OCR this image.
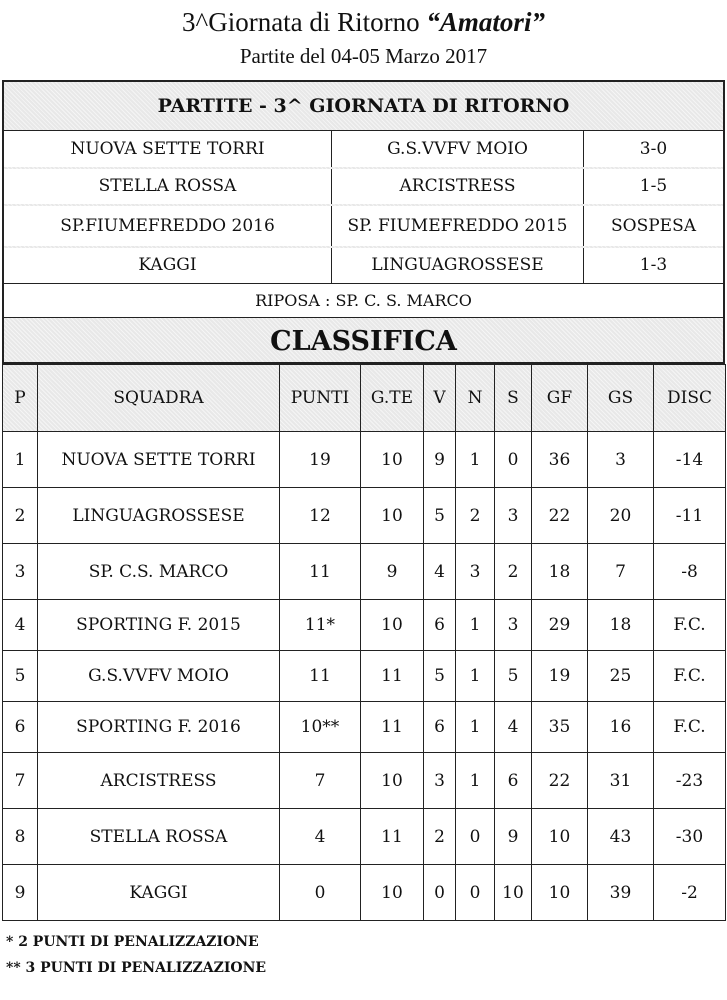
3^Giornata di Ritorno “Amatori”
Partite del 04-05 Marzo 2017
PARTITE - 3^ GIORNATA DI RITORNO
NUOVA SETTE TORRI	G.S.VVFV MOIO	3-0
STELLA ROSSA	ARCISTRESS	1-5
SP.FIUMEFREDDO 2016	SP. FIUMEFREDDO 2015	SOSPESA
KAGGI	LINGUAGROSSESE	1-3
RIPOSA : SP. C. S. MARCO
CLASSIFICA
P	SQUADRA	PUNTI	G.TE	V	N	S	GF	GS	DISC
1	NUOVA SETTE TORRI	19	10	9	1	0	36	3	-14
2	LINGUAGROSSESE	12	10	5	2	3	22	20	-11
3	SP. C.S. MARCO	11	9	4	3	2	18	7	-8
4	SPORTING F. 2015	11*	10	6	1	3	29	18	F.C.
5	G.S.VVFV MOIO	11	11	5	1	5	19	25	F.C.
6	SPORTING F. 2016	10**	11	6	1	4	35	16	F.C.
7	ARCISTRESS	7	10	3	1	6	22	31	-23
8	STELLA ROSSA	4	11	2	0	9	10	43	-30
9	KAGGI	0	10	0	0	10	10	39	-2
* 2 PUNTI DI PENALIZZAZIONE
** 3 PUNTI DI PENALIZZAZIONE
